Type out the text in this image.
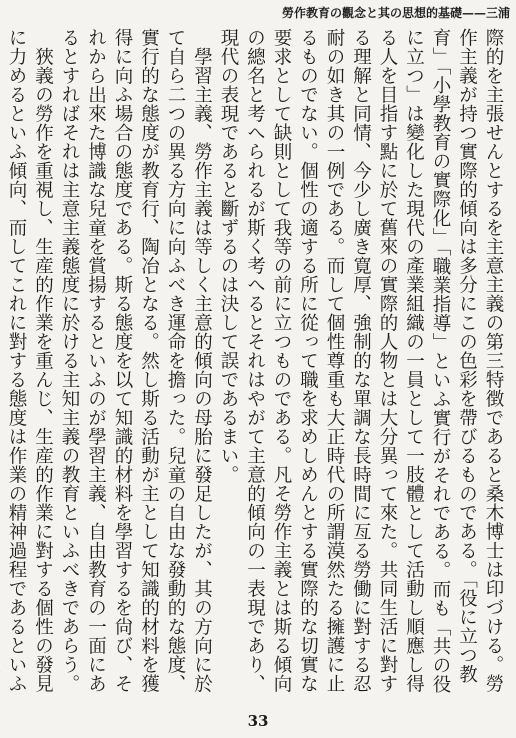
勞作教育の觀念と其の思想的基礎——三浦

際的を主張せんとするを主意主義の第三特徴であると桑木博士は印づける。勞作主義が持つ實際的傾向は多分にこの色彩を帶びるものである。「役に立つ教育」「小學教育の實際化」「職業指導」といふ實行がそれである。而も「共の役に立つ」は變化した現代の產業組織の一員として一肢體として活動し順應し得る人を目指す點に於て舊來の實際的人物とは大分異って來た。共同生活に對する理解と同情、今少し廣き寛厚、強制的な單調な長時間に亙る勞働に對する忍耐の如き其の一例である。而して個性尊重も大正時代の所謂漠然たる擁護に止るものでない。個性の適する所に從って職を求めしめんとする實際的な切實な要求として缺則として我等の前に立つものである。凡そ勞作主義とは斯る傾向の總名と考へられるが斯く考へるとそれはやがて主意的傾向の一表現であり、現代の表現であると斷ずるのは決して誤であるまい。

學習主義、勞作主義は等しく主意的傾向の母胎に發足したが、其の方向に於て自ら二つの異る方向に向ふべき運命を擔った。兒童の自由な發動的な態度、實行的な態度が教育行、陶冶となる。然し斯る活動が主として知識的材料を獲得に向ふ場合の態度である。斯る態度を以て知識的材料を學習するを尙び、それから出來た博識な兒童を賞揚するといふのが學習主義、自由教育の一面にあるとすればそれは主意主義態度に於ける主知主義の教育といふべきであらう。

狹義の勞作を重視し、生産的作業を重んじ、生産的作業に對する個性の發見に力めるといふ傾向、而してこれに對する態度は作業の精神過程であるといふ

33
